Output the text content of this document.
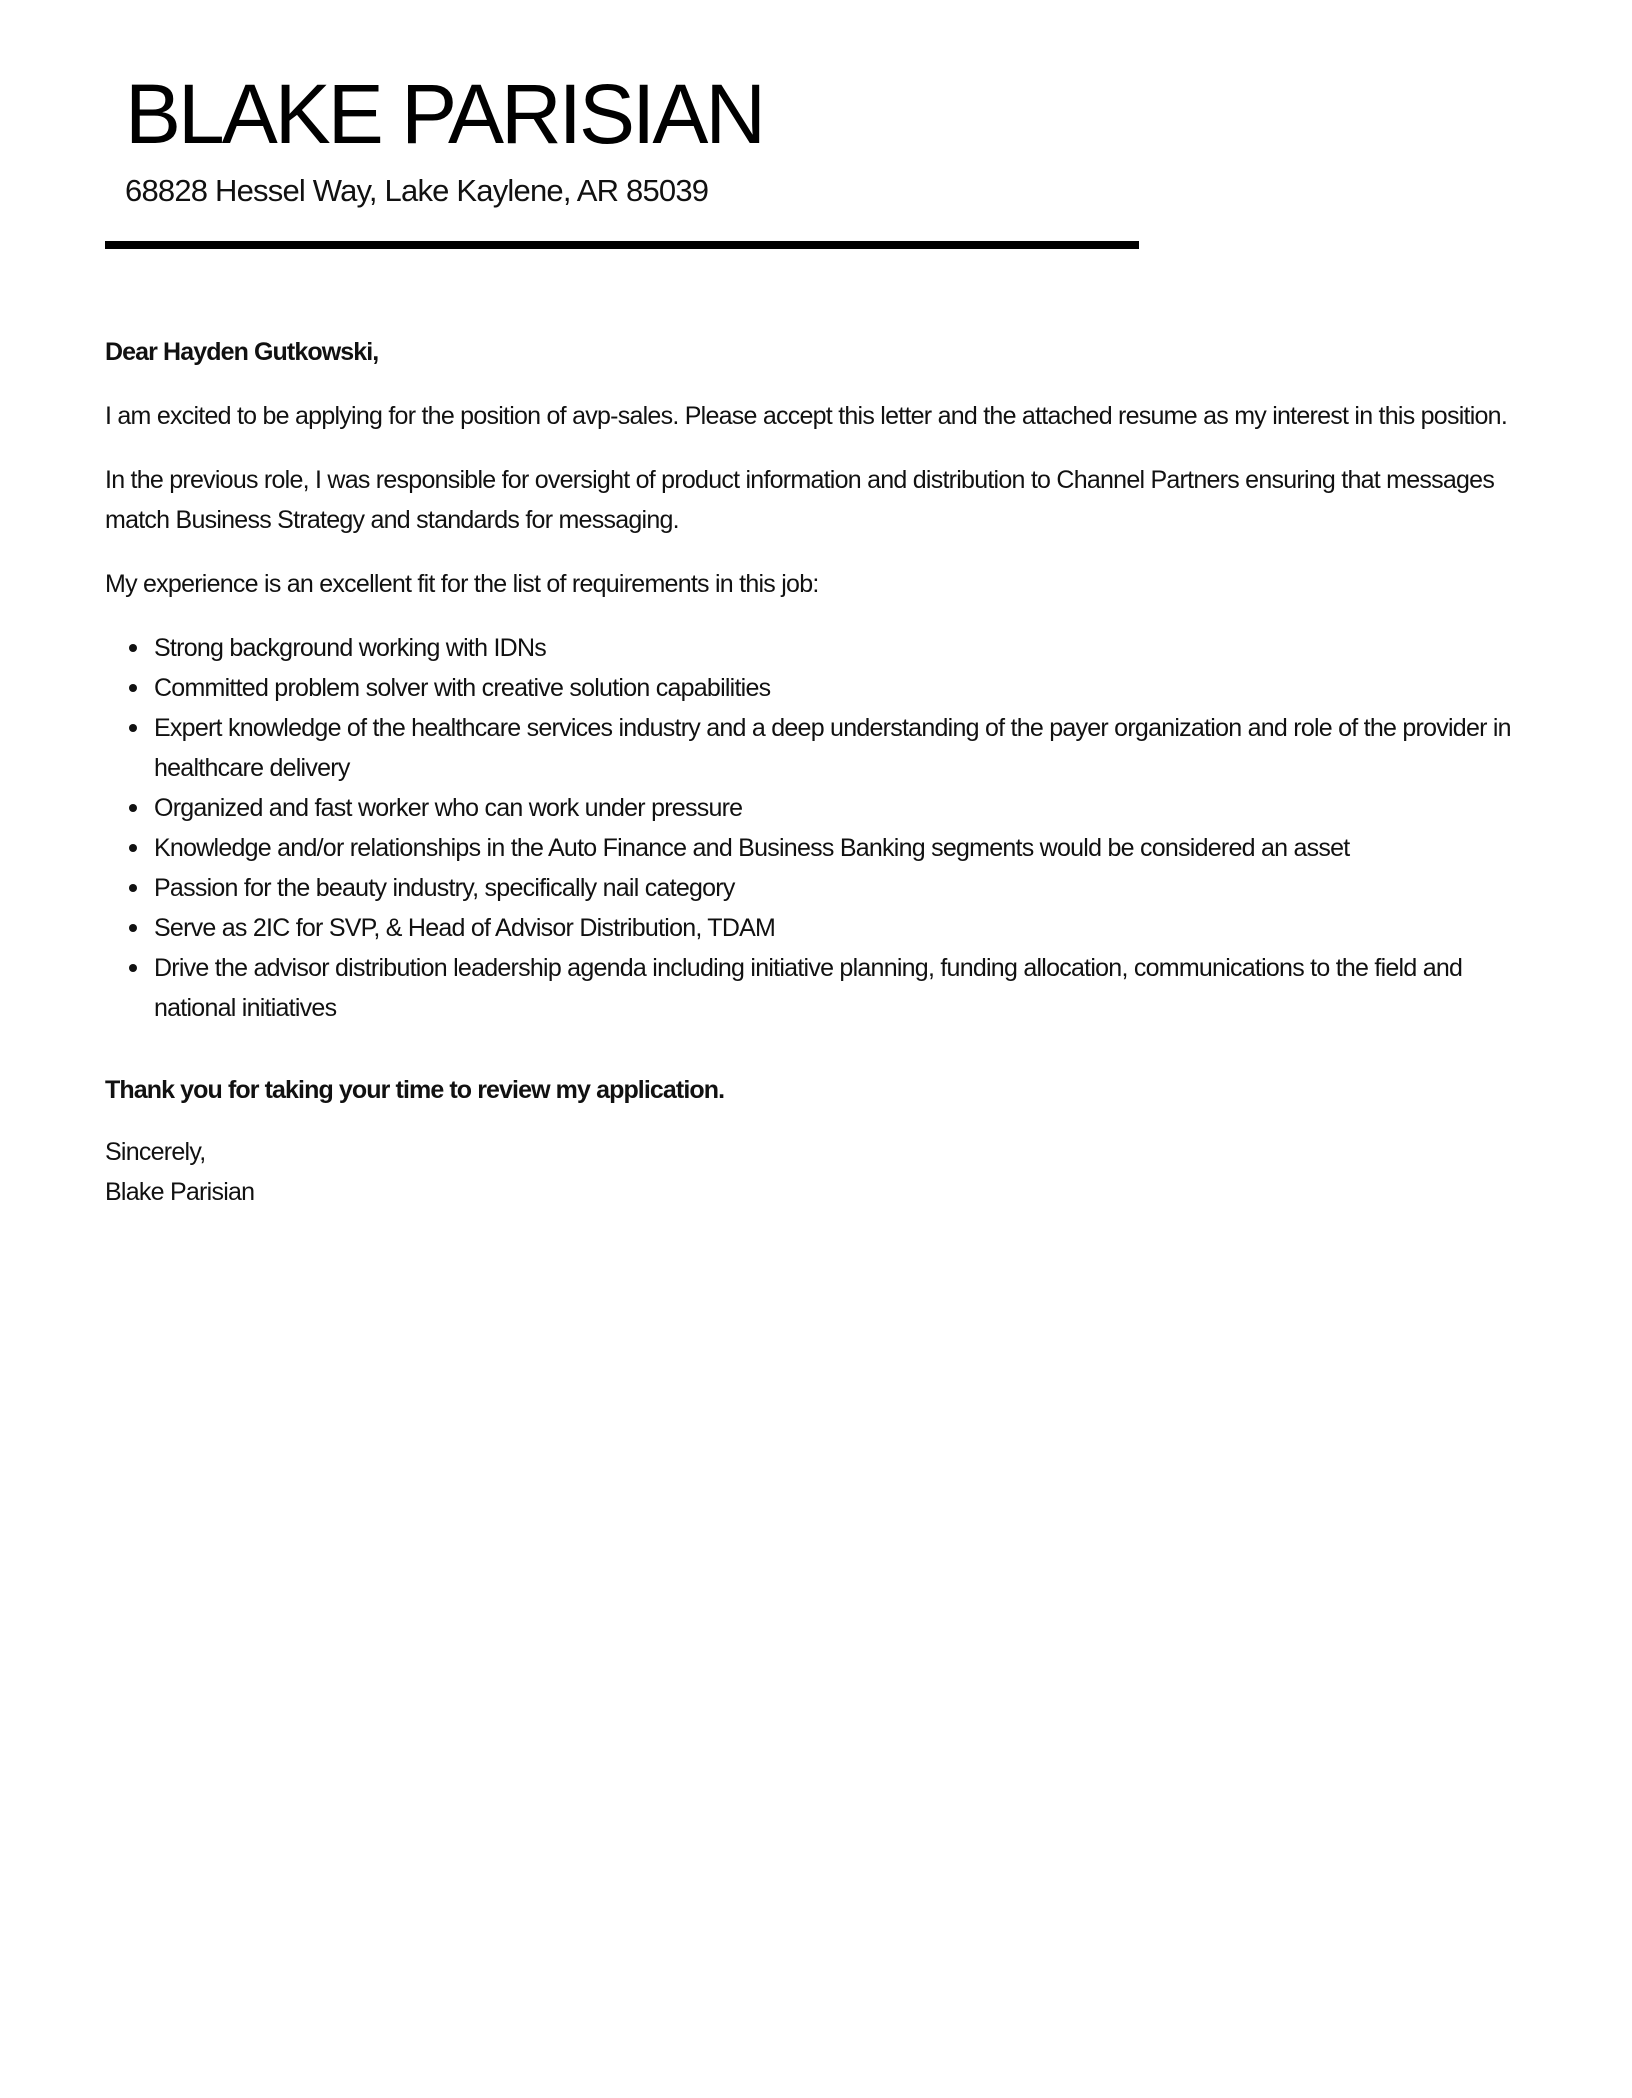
BLAKE PARISIAN
68828 Hessel Way, Lake Kaylene, AR 85039

Dear Hayden Gutkowski,

I am excited to be applying for the position of avp-sales. Please accept this letter and the attached resume as my interest in this position.

In the previous role, I was responsible for oversight of product information and distribution to Channel Partners ensuring that messages match Business Strategy and standards for messaging.

My experience is an excellent fit for the list of requirements in this job:

Strong background working with IDNs
Committed problem solver with creative solution capabilities
Expert knowledge of the healthcare services industry and a deep understanding of the payer organization and role of the provider in healthcare delivery
Organized and fast worker who can work under pressure
Knowledge and/or relationships in the Auto Finance and Business Banking segments would be considered an asset
Passion for the beauty industry, specifically nail category
Serve as 2IC for SVP, & Head of Advisor Distribution, TDAM
Drive the advisor distribution leadership agenda including initiative planning, funding allocation, communications to the field and national initiatives

Thank you for taking your time to review my application.

Sincerely,

Blake Parisian
